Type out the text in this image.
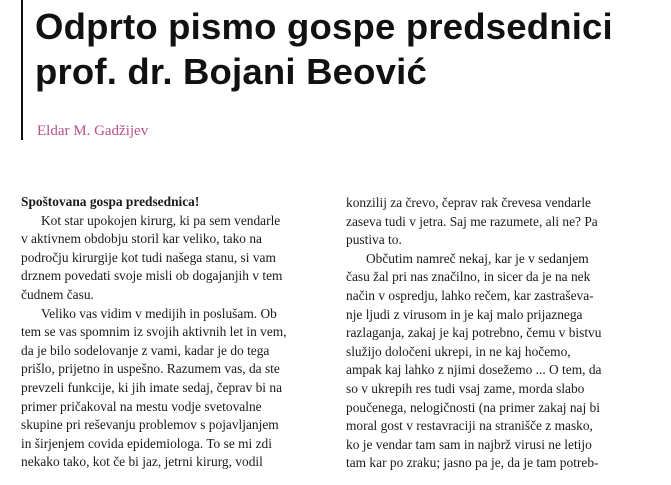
Odprto pismo gospe predsednici
prof. dr. Bojani Beović
Eldar M. Gadžijev
Spoštovana gospa predsednica!
Kot star upokojen kirurg, ki pa sem vendarle
v aktivnem obdobju storil kar veliko, tako na
področju kirurgije kot tudi našega stanu, si vam
drznem povedati svoje misli ob dogajanjih v tem
čudnem času.
Veliko vas vidim v medijih in poslušam. Ob
tem se vas spomnim iz svojih aktivnih let in vem,
da je bilo sodelovanje z vami, kadar je do tega
prišlo, prijetno in uspešno. Razumem vas, da ste
prevzeli funkcije, ki jih imate sedaj, čeprav bi na
primer pričakoval na mestu vodje svetovalne
skupine pri reševanju problemov s pojavljanjem
in širjenjem covida epidemiologa. To se mi zdi
nekako tako, kot če bi jaz, jetrni kirurg, vodil
konzilij za črevo, čeprav rak črevesa vendarle
zaseva tudi v jetra. Saj me razumete, ali ne? Pa
pustiva to.
Občutim namreč nekaj, kar je v sedanjem
času žal pri nas značilno, in sicer da je na nek
način v ospredju, lahko rečem, kar zastraševa-
nje ljudi z virusom in je kaj malo prijaznega
razlaganja, zakaj je kaj potrebno, čemu v bistvu
služijo določeni ukrepi, in ne kaj hočemo,
ampak kaj lahko z njimi dosežemo ... O tem, da
so v ukrepih res tudi vsaj zame, morda slabo
poučenega, nelogičnosti (na primer zakaj naj bi
moral gost v restavraciji na stranišče z masko,
ko je vendar tam sam in najbrž virusi ne letijo
tam kar po zraku; jasno pa je, da je tam potreb-
